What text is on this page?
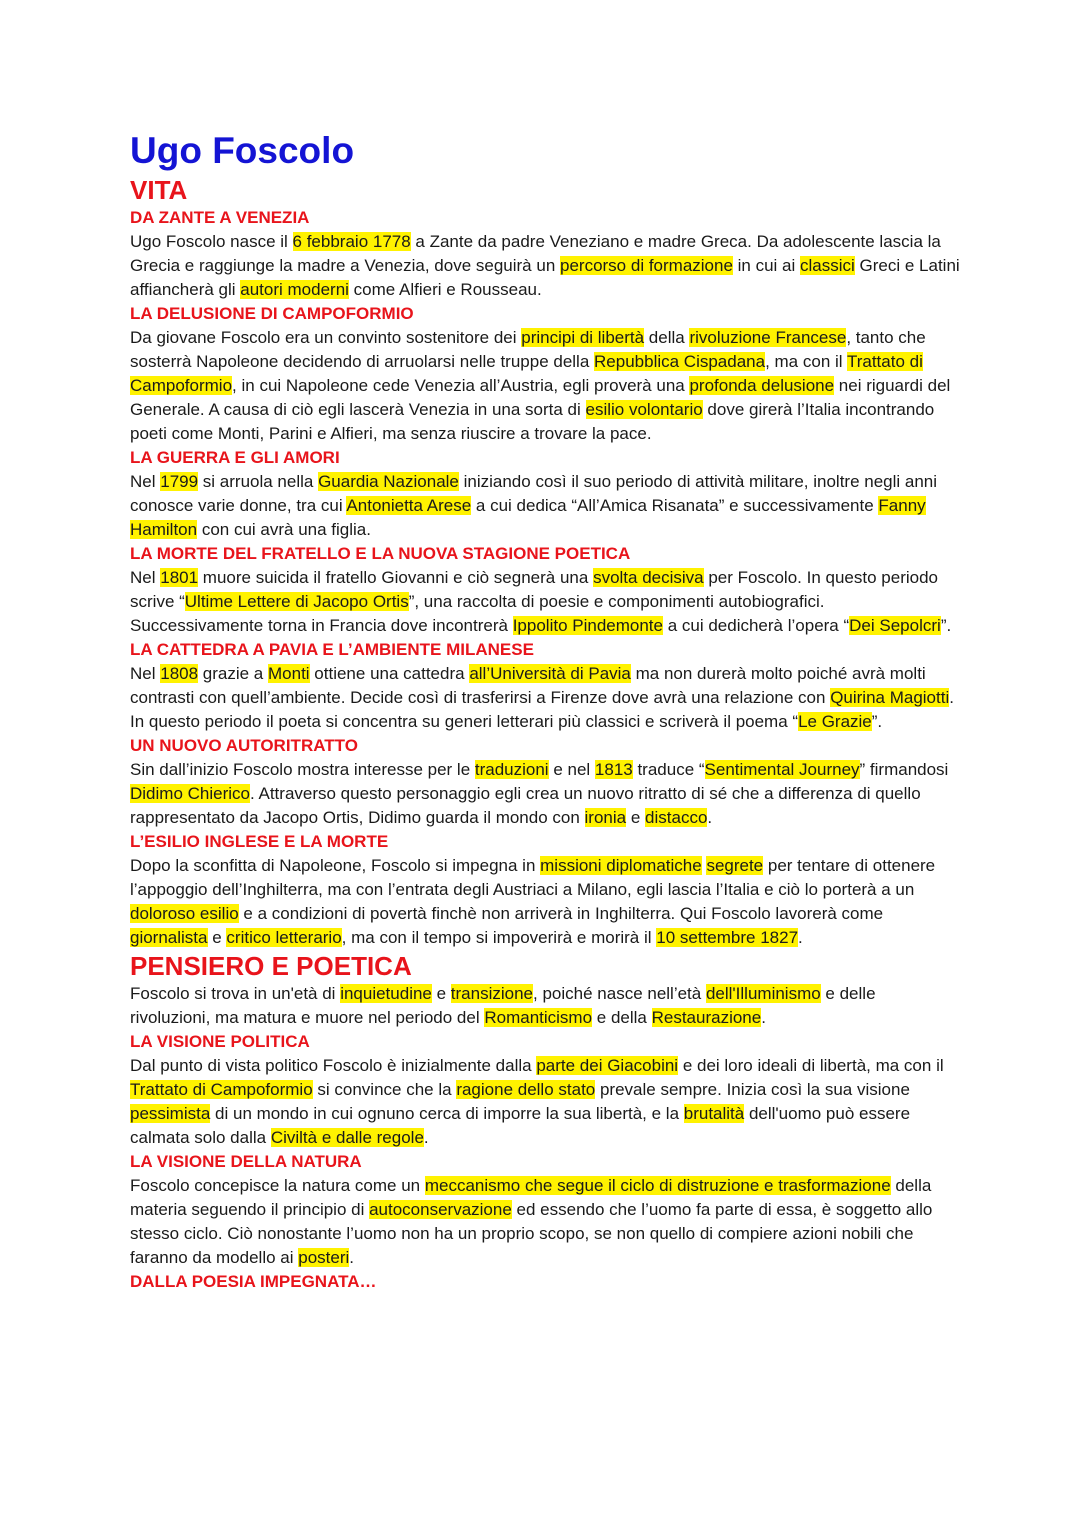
Ugo Foscolo
VITA
DA ZANTE A VENEZIA

Ugo Foscolo nasce il 6 febbraio 1778 a Zante da padre Veneziano e madre Greca. Da adolescente lascia la Grecia e raggiunge la madre a Venezia, dove seguirà un percorso di formazione in cui ai classici Greci e Latini affiancherà gli autori moderni come Alfieri e Rousseau.

LA DELUSIONE DI CAMPOFORMIO

Da giovane Foscolo era un convinto sostenitore dei principi di libertà della rivoluzione Francese, tanto che sosterrà Napoleone decidendo di arruolarsi nelle truppe della Repubblica Cispadana, ma con il Trattato di Campoformio, in cui Napoleone cede Venezia all’Austria, egli proverà una profonda delusione nei riguardi del Generale. A causa di ciò egli lascerà Venezia in una sorta di esilio volontario dove girerà l’Italia incontrando poeti come Monti, Parini e Alfieri, ma senza riuscire a trovare la pace.

LA GUERRA E GLI AMORI

Nel 1799 si arruola nella Guardia Nazionale iniziando così il suo periodo di attività militare, inoltre negli anni conosce varie donne, tra cui Antonietta Arese a cui dedica “All’Amica Risanata” e successivamente Fanny Hamilton con cui avrà una figlia.

LA MORTE DEL FRATELLO E LA NUOVA STAGIONE POETICA

Nel 1801 muore suicida il fratello Giovanni e ciò segnerà una svolta decisiva per Foscolo. In questo periodo scrive “Ultime Lettere di Jacopo Ortis”, una raccolta di poesie e componimenti autobiografici. Successivamente torna in Francia dove incontrerà Ippolito Pindemonte a cui dedicherà l’opera “Dei Sepolcri”.

LA CATTEDRA A PAVIA E L’AMBIENTE MILANESE

Nel 1808 grazie a Monti ottiene una cattedra all’Università di Pavia ma non durerà molto poiché avrà molti contrasti con quell’ambiente. Decide così di trasferirsi a Firenze dove avrà una relazione con Quirina Magiotti. In questo periodo il poeta si concentra su generi letterari più classici e scriverà il poema “Le Grazie”.

UN NUOVO AUTORITRATTO

Sin dall’inizio Foscolo mostra interesse per le traduzioni e nel 1813 traduce “Sentimental Journey” firmandosi Didimo Chierico. Attraverso questo personaggio egli crea un nuovo ritratto di sé che a differenza di quello rappresentato da Jacopo Ortis, Didimo guarda il mondo con ironia e distacco.

L’ESILIO INGLESE E LA MORTE

Dopo la sconfitta di Napoleone, Foscolo si impegna in missioni diplomatiche segrete per tentare di ottenere l’appoggio dell’Inghilterra, ma con l’entrata degli Austriaci a Milano, egli lascia l’Italia e ciò lo porterà a un doloroso esilio e a condizioni di povertà finchè non arriverà in Inghilterra. Qui Foscolo lavorerà come giornalista e critico letterario, ma con il tempo si impoverirà e morirà il 10 settembre 1827.

PENSIERO E POETICA

Foscolo si trova in un'età di inquietudine e transizione, poiché nasce nell’età dell'Illuminismo e delle rivoluzioni, ma matura e muore nel periodo del Romanticismo e della Restaurazione.

LA VISIONE POLITICA

Dal punto di vista politico Foscolo è inizialmente dalla parte dei Giacobini e dei loro ideali di libertà, ma con il Trattato di Campoformio si convince che la ragione dello stato prevale sempre. Inizia così la sua visione pessimista di un mondo in cui ognuno cerca di imporre la sua libertà, e la brutalità dell'uomo può essere calmata solo dalla Civiltà e dalle regole.

LA VISIONE DELLA NATURA

Foscolo concepisce la natura come un meccanismo che segue il ciclo di distruzione e trasformazione della materia seguendo il principio di autoconservazione ed essendo che l’uomo fa parte di essa, è soggetto allo stesso ciclo. Ciò nonostante l’uomo non ha un proprio scopo, se non quello di compiere azioni nobili che faranno da modello ai posteri.

DALLA POESIA IMPEGNATA…
